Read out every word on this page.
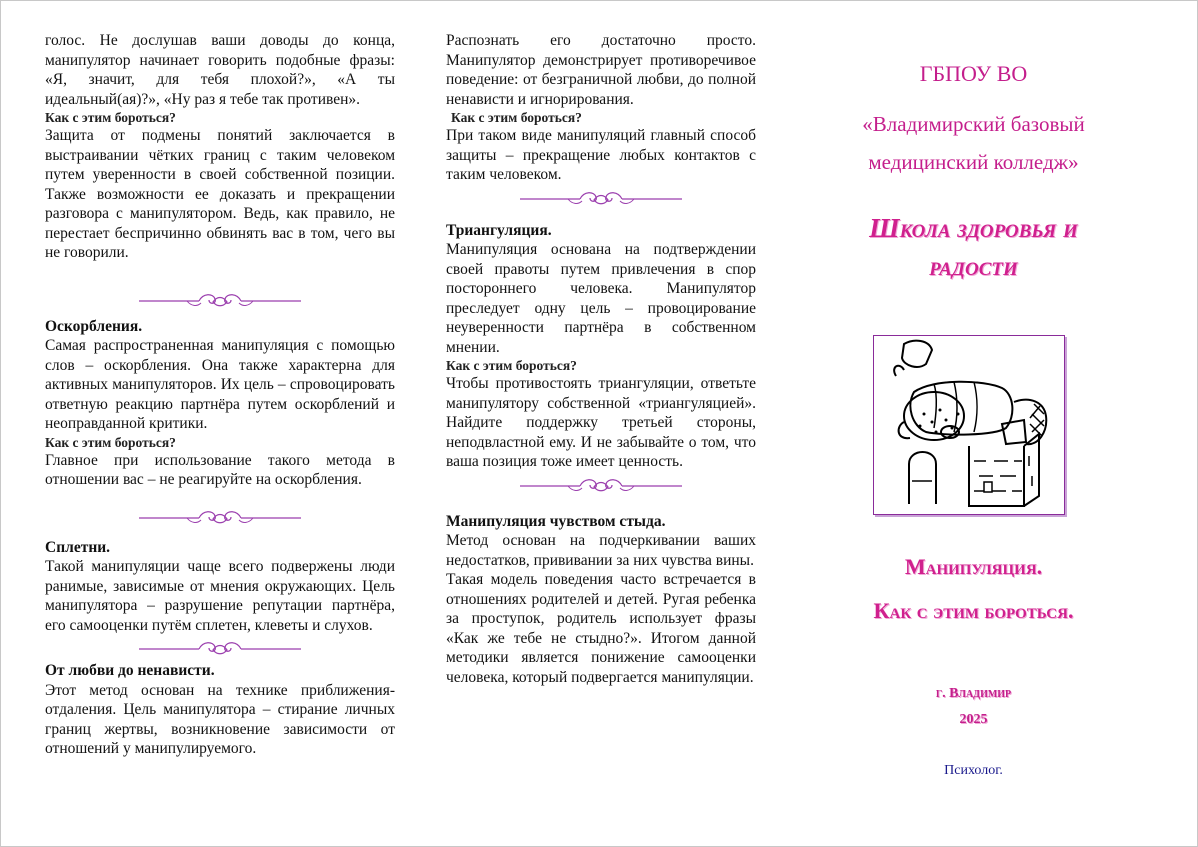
голос. Не дослушав ваши доводы до конца, манипулятор начинает говорить подобные фразы: «Я, значит, для тебя плохой?», «А ты идеальный(ая)?», «Ну раз я тебе так противен».

Как с этим бороться?

Защита от подмены понятий заключается в выстраивании чётких границ с таким человеком путем уверенности в своей собственной позиции. Также возможности ее доказать и прекращении разговора с манипулятором. Ведь, как правило, не перестает беспричинно обвинять вас в том, чего вы не говорили.

Оскорбления.

Самая распространенная манипуляция с помощью слов – оскорбления. Она также характерна для активных манипуляторов. Их цель – спровоцировать ответную реакцию партнёра путем оскорблений и неоправданной критики.

Как с этим бороться?

Главное при использование такого метода в отношении вас – не реагируйте на оскорбления.

Сплетни.

Такой манипуляции чаще всего подвержены люди ранимые, зависимые от мнения окружающих. Цель манипулятора – разрушение репутации партнёра, его самооценки путём сплетен, клеветы и слухов.

От любви до ненависти.

Этот метод основан на технике приближения-отдаления. Цель манипулятора – стирание личных границ жертвы, возникновение зависимости от отношений у манипулируемого.

Распознать его достаточно просто. Манипулятор демонстрирует противоречивое поведение: от безграничной любви, до полной ненависти и игнорирования.

Как с этим бороться?

При таком виде манипуляций главный способ защиты – прекращение любых контактов с таким человеком.

Триангуляция.

Манипуляция основана на подтверждении своей правоты путем привлечения в спор постороннего человека. Манипулятор преследует одну цель – провоцирование неуверенности партнёра в собственном мнении.

Как с этим бороться?

Чтобы противостоять триангуляции, ответьте манипулятору собственной «триангуляцией». Найдите поддержку третьей стороны, неподвластной ему. И не забывайте о том, что ваша позиция тоже имеет ценность.

Манипуляция чувством стыда.

Метод основан на подчеркивании ваших недостатков, прививании за них чувства вины.

Такая модель поведения часто встречается в отношениях родителей и детей. Ругая ребенка за проступок, родитель использует фразы «Как же тебе не стыдно?». Итогом данной методики является понижение самооценки человека, который подвергается манипуляции.

ГБПОУ ВО
«Владимирский базовый
медицинский колледж»
Школа здоровья и
радости
Манипуляция.
Как с этим бороться.
г. Владимир
2025
Психолог.
